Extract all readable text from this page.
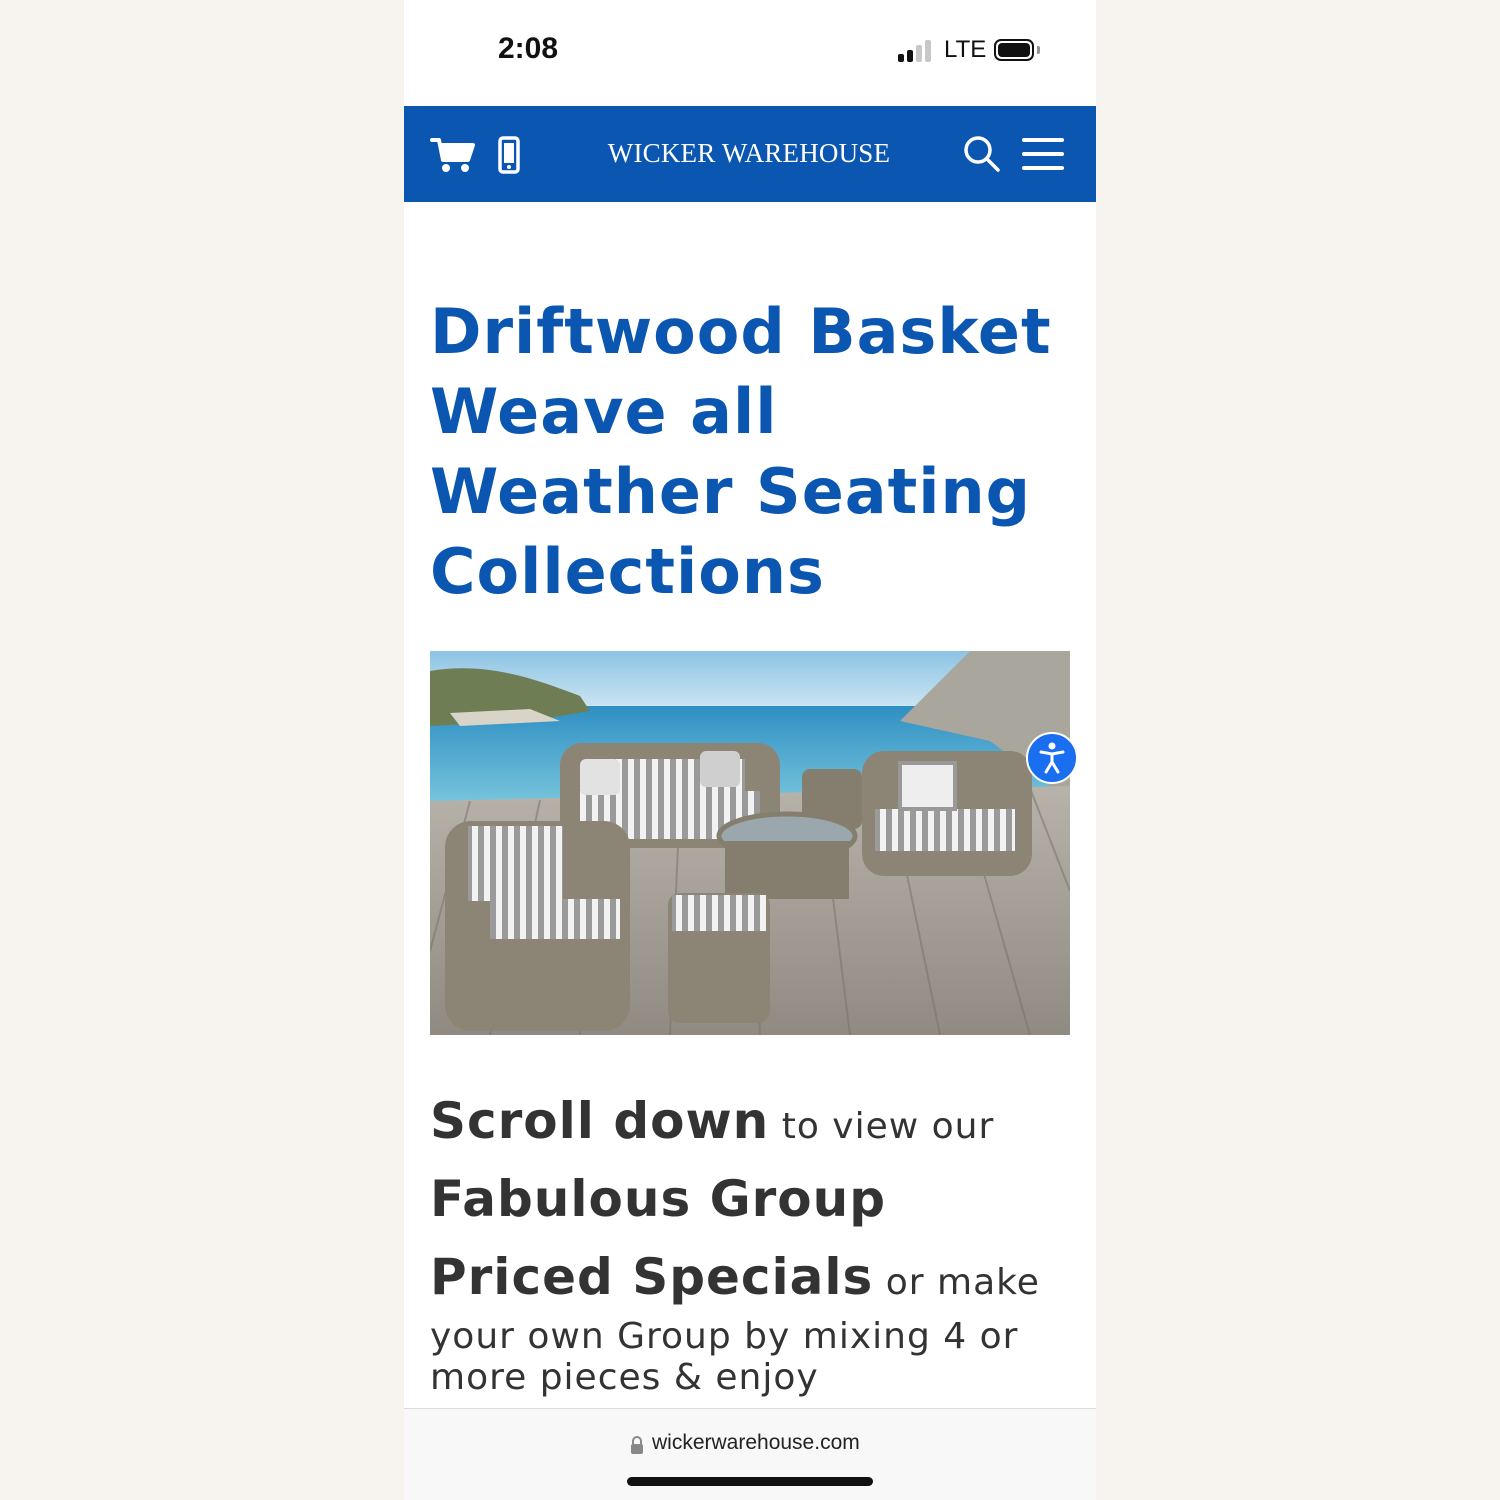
2:08	LTE
WICKER WAREHOUSE
Driftwood Basket Weave all Weather Seating Collections

Scroll down to view our Fabulous Group Priced Specials or make your own Group by mixing 4 or more pieces & enjoy

wickerwarehouse.com
